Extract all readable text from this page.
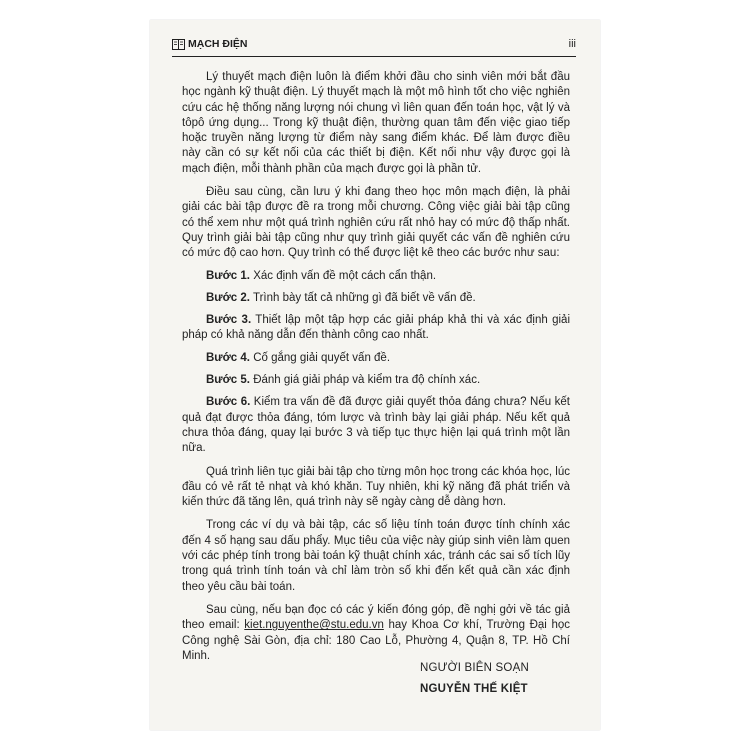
MẠCH ĐIỆN	iii

Lý thuyết mạch điện luôn là điểm khởi đầu cho sinh viên mới bắt đầu học ngành kỹ thuật điện. Lý thuyết mạch là một mô hình tốt cho việc nghiên cứu các hệ thống năng lượng nói chung vì liên quan đến toán học, vật lý và tôpô ứng dụng... Trong kỹ thuật điện, thường quan tâm đến việc giao tiếp hoặc truyền năng lượng từ điểm này sang điểm khác. Để làm được điều này cần có sự kết nối của các thiết bị điện. Kết nối như vậy được gọi là mạch điện, mỗi thành phần của mạch được gọi là phần tử.

Điều sau cùng, cần lưu ý khi đang theo học môn mạch điện, là phải giải các bài tập được đề ra trong mỗi chương. Công việc giải bài tập cũng có thể xem như một quá trình nghiên cứu rất nhỏ hay có mức độ thấp nhất. Quy trình giải bài tập cũng như quy trình giải quyết các vấn đề nghiên cứu có mức độ cao hơn. Quy trình có thể được liệt kê theo các bước như sau:

Bước 1. Xác định vấn đề một cách cẩn thận.

Bước 2. Trình bày tất cả những gì đã biết về vấn đề.

Bước 3. Thiết lập một tập hợp các giải pháp khả thi và xác định giải pháp có khả năng dẫn đến thành công cao nhất.

Bước 4. Cố gắng giải quyết vấn đề.

Bước 5. Đánh giá giải pháp và kiểm tra độ chính xác.

Bước 6. Kiểm tra vấn đề đã được giải quyết thỏa đáng chưa? Nếu kết quả đạt được thỏa đáng, tóm lược và trình bày lại giải pháp. Nếu kết quả chưa thỏa đáng, quay lại bước 3 và tiếp tục thực hiện lại quá trình một lần nữa.

Quá trình liên tục giải bài tập cho từng môn học trong các khóa học, lúc đầu có vẻ rất tẻ nhạt và khó khăn. Tuy nhiên, khi kỹ năng đã phát triển và kiến thức đã tăng lên, quá trình này sẽ ngày càng dễ dàng hơn.

Trong các ví dụ và bài tập, các số liệu tính toán được tính chính xác đến 4 số hạng sau dấu phẩy. Mục tiêu của việc này giúp sinh viên làm quen với các phép tính trong bài toán kỹ thuật chính xác, tránh các sai số tích lũy trong quá trình tính toán và chỉ làm tròn số khi đến kết quả cần xác định theo yêu cầu bài toán.

Sau cùng, nếu bạn đọc có các ý kiến đóng góp, đề nghị gởi về tác giả theo email: kiet.nguyenthe@stu.edu.vn hay Khoa Cơ khí, Trường Đại học Công nghệ Sài Gòn, địa chỉ: 180 Cao Lỗ, Phường 4, Quận 8, TP. Hồ Chí Minh.

NGƯỜI BIÊN SOẠN
NGUYỄN THẾ KIỆT
